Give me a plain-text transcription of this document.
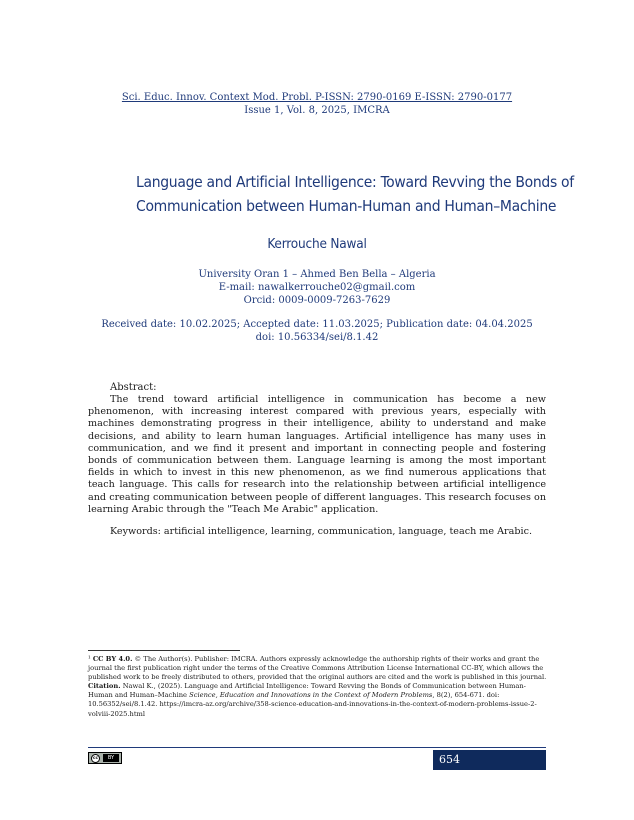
Sci. Educ. Innov. Context Mod. Probl. P-ISSN: 2790-0169 E-ISSN: 2790-0177
Issue 1, Vol. 8, 2025, IMCRA
Language and Artificial Intelligence: Toward Revving the Bonds of
Communication between Human-Human and Human–Machine
Kerrouche Nawal
University Oran 1 – Ahmed Ben Bella – Algeria
E-mail: nawalkerrouche02@gmail.com
Orcid: 0009-0009-7263-7629
Received date: 10.02.2025; Accepted date: 11.03.2025; Publication date: 04.04.2025
doi: 10.56334/sei/8.1.42
Abstract:

The trend toward artificial intelligence in communication has become a new phenomenon, with increasing interest compared with previous years, especially with machines demonstrating progress in their intelligence, ability to understand and make decisions, and ability to learn human languages. Artificial intelligence has many uses in communication, and we find it present and important in connecting people and fostering bonds of communication between them. Language learning is among the most important fields in which to invest in this new phenomenon, as we find numerous applications that teach language. This calls for research into the relationship between artificial intelligence and creating communication between people of different languages. This research focuses on learning Arabic through the "Teach Me Arabic" application.

Keywords: artificial intelligence, learning, communication, language, teach me Arabic.

¹ CC BY 4.0. © The Author(s). Publisher: IMCRA. Authors expressly acknowledge the authorship rights of their works and grant the journal the first publication right under the terms of the Creative Commons Attribution License International CC-BY, which allows the published work to be freely distributed to others, provided that the original authors are cited and the work is published in this journal.

Citation. Nawal K., (2025). Language and Artificial Intelligence: Toward Revving the Bonds of Communication between Human-Human and Human–Machine Science, Education and Innovations in the Context of Modern Problems, 8(2), 654-671. doi: 10.56352/sei/8.1.42. https://imcra-az.org/archive/358-science-education-and-innovations-in-the-context-of-modern-problems-issue-2-volviii-2025.html

cc	BY	654
